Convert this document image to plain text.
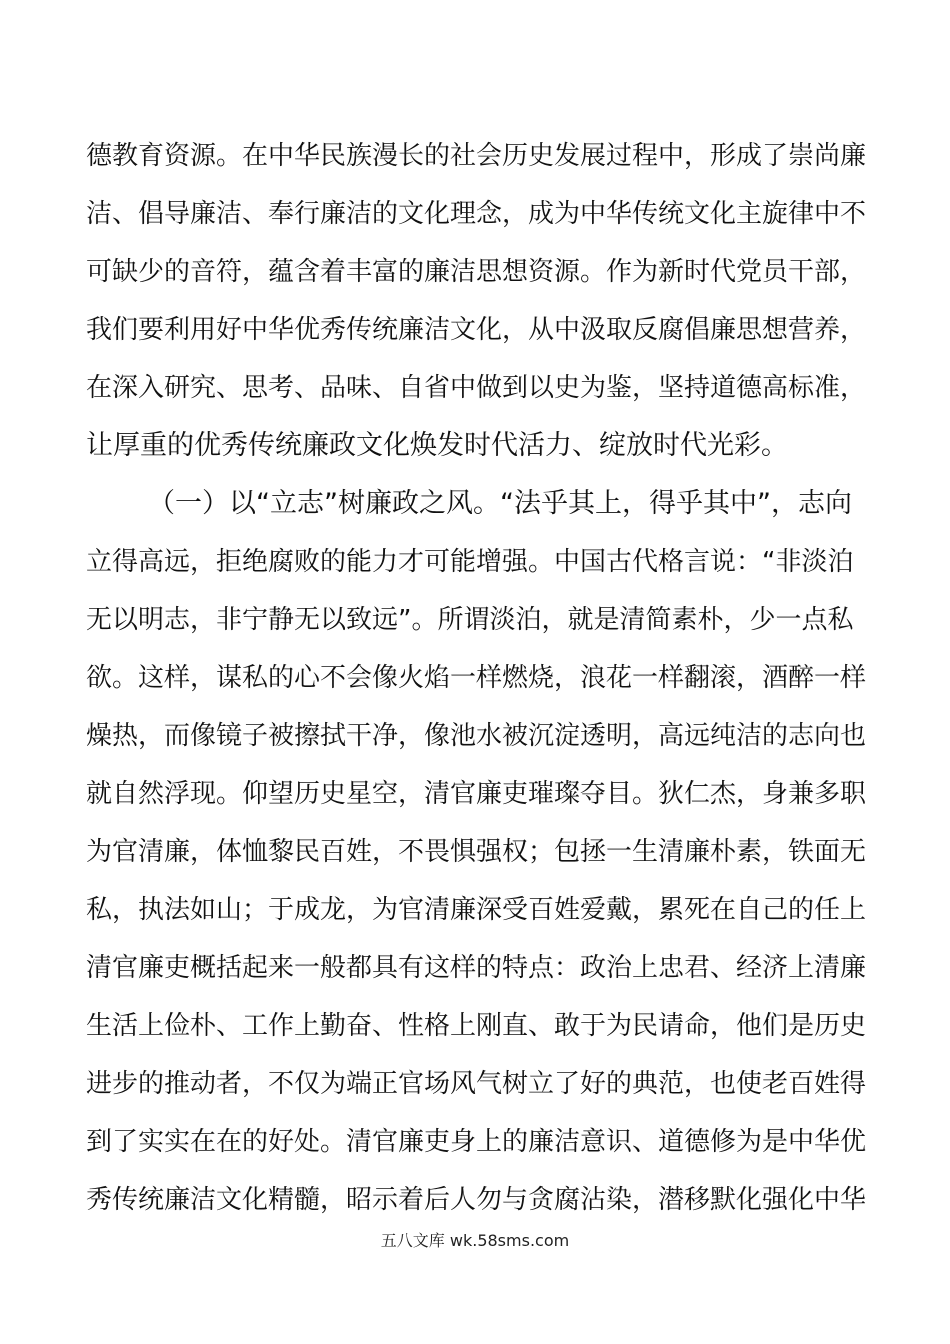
德教育资源。在中华民族漫长的社会历史发展过程中，形成了崇尚廉
洁、倡导廉洁、奉行廉洁的文化理念，成为中华传统文化主旋律中不
可缺少的音符，蕴含着丰富的廉洁思想资源。作为新时代党员干部，
我们要利用好中华优秀传统廉洁文化，从中汲取反腐倡廉思想营养，
在深入研究、思考、品味、自省中做到以史为鉴，坚持道德高标准，
让厚重的优秀传统廉政文化焕发时代活力、绽放时代光彩。
（一）以“立志”树廉政之风。“法乎其上，得乎其中”，志向
立得高远，拒绝腐败的能力才可能增强。中国古代格言说：“非淡泊
无以明志，非宁静无以致远”。所谓淡泊，就是清简素朴，少一点私
欲。这样，谋私的心不会像火焰一样燃烧，浪花一样翻滚，酒醉一样
燥热，而像镜子被擦拭干净，像池水被沉淀透明，高远纯洁的志向也
就自然浮现。仰望历史星空，清官廉吏璀璨夺目。狄仁杰，身兼多职
为官清廉，体恤黎民百姓，不畏惧强权；包拯一生清廉朴素，铁面无
私，执法如山；于成龙，为官清廉深受百姓爱戴，累死在自己的任上
清官廉吏概括起来一般都具有这样的特点：政治上忠君、经济上清廉
生活上俭朴、工作上勤奋、性格上刚直、敢于为民请命，他们是历史
进步的推动者，不仅为端正官场风气树立了好的典范，也使老百姓得
到了实实在在的好处。清官廉吏身上的廉洁意识、道德修为是中华优
秀传统廉洁文化精髓，昭示着后人勿与贪腐沾染，潜移默化强化中华
五八文库 wk.58sms.com
